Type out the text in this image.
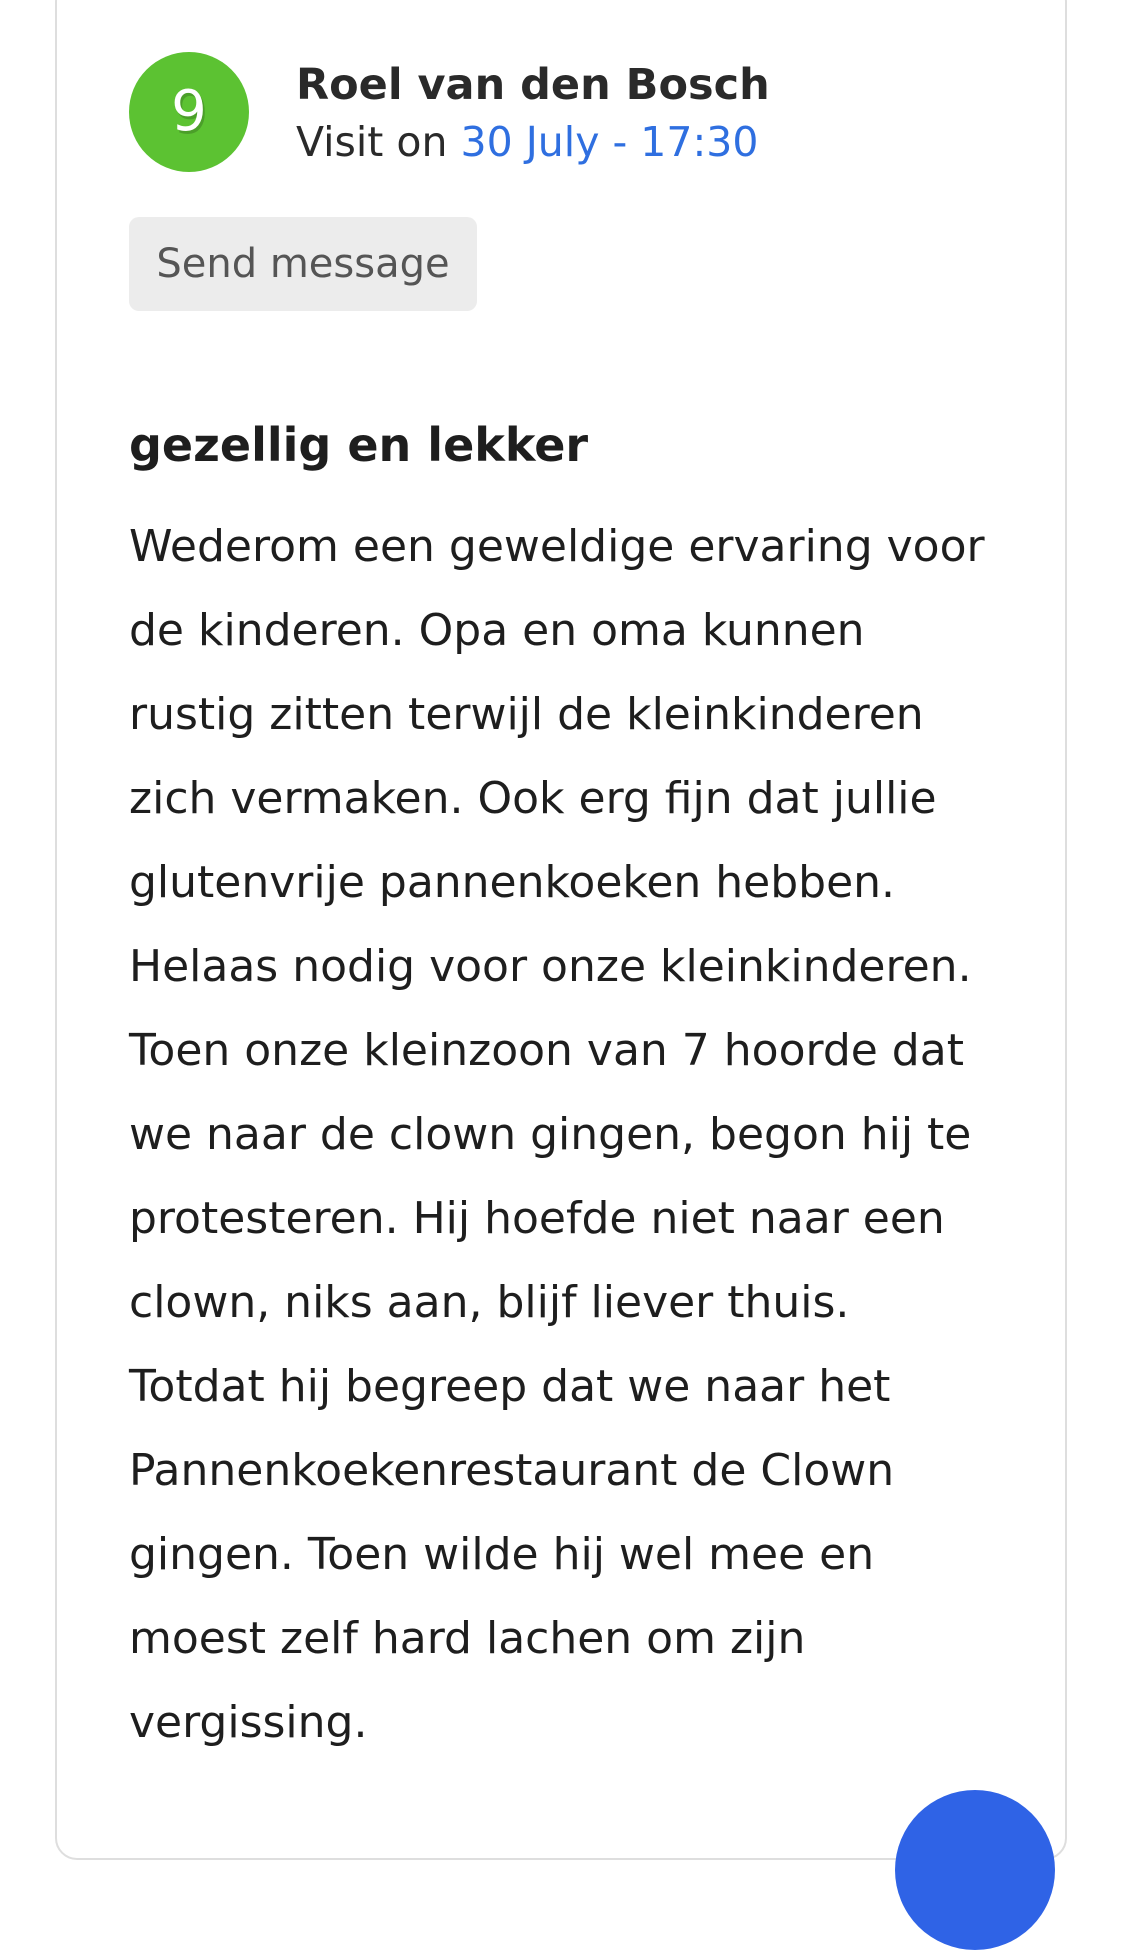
9	Roel van den Bosch
Visit on 30 July - 17:30
Send message
gezellig en lekker
Wederom een geweldige ervaring voor
de kinderen. Opa en oma kunnen
rustig zitten terwijl de kleinkinderen
zich vermaken. Ook erg fijn dat jullie
glutenvrije pannenkoeken hebben.
Helaas nodig voor onze kleinkinderen.
Toen onze kleinzoon van 7 hoorde dat
we naar de clown gingen, begon hij te
protesteren. Hij hoefde niet naar een
clown, niks aan, blijf liever thuis.
Totdat hij begreep dat we naar het
Pannenkoekenrestaurant de Clown
gingen. Toen wilde hij wel mee en
moest zelf hard lachen om zijn
vergissing.
